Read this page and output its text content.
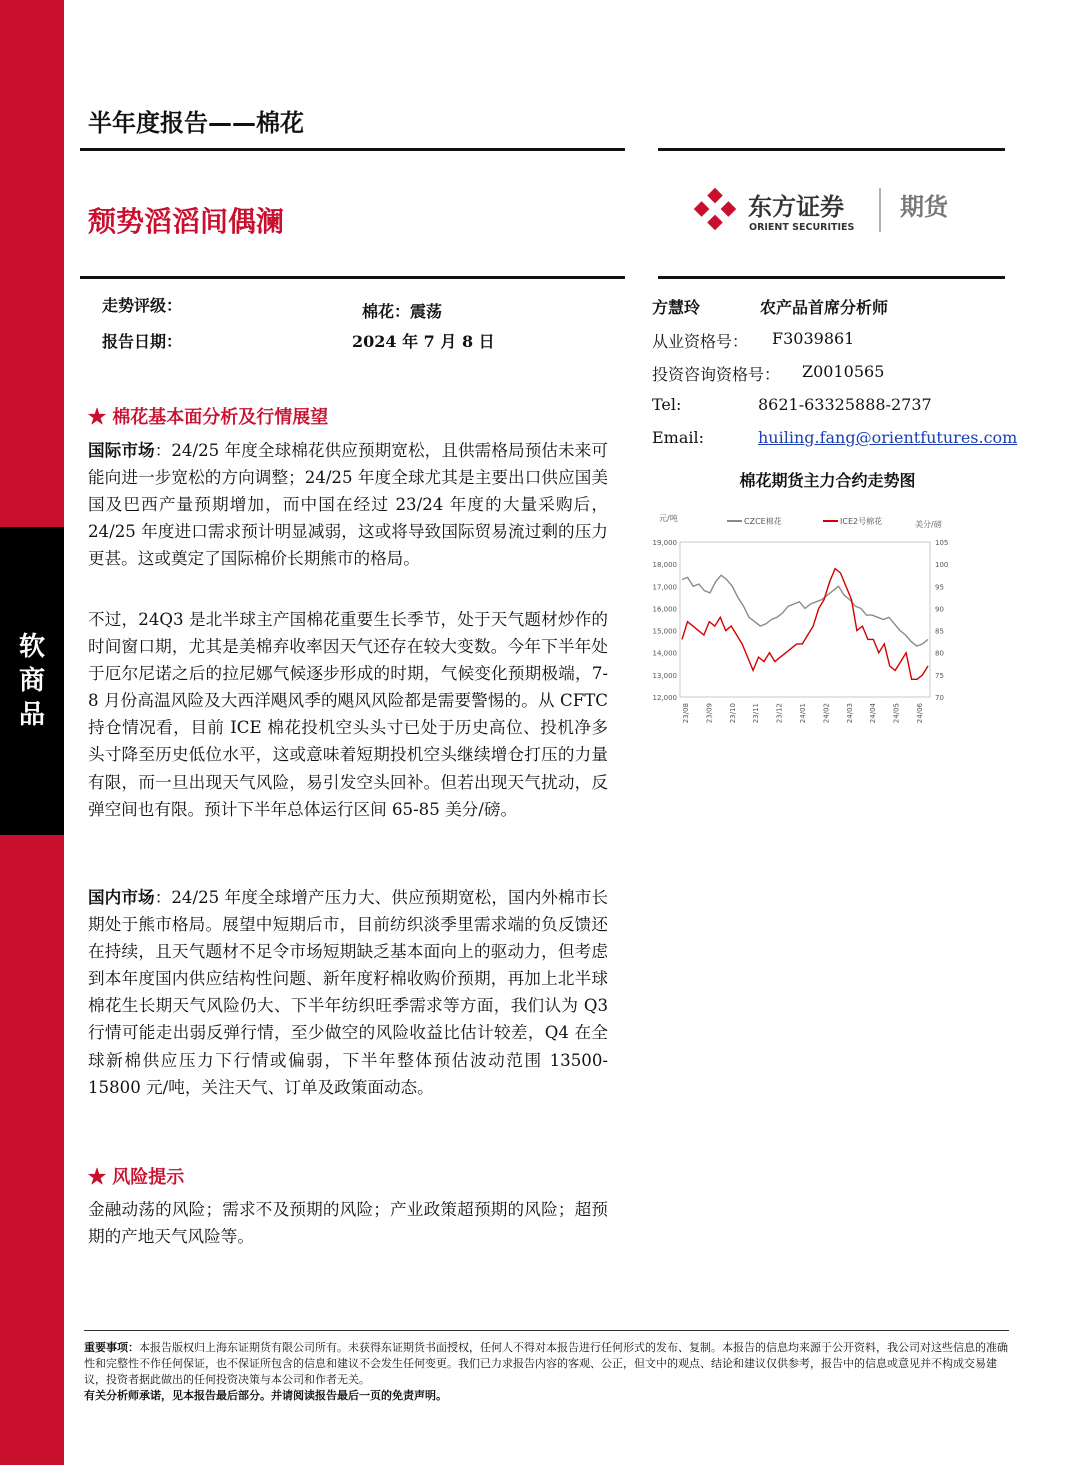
软
商
品
半年度报告——棉花
颓势滔滔间偶澜	东方证券
ORIENT SECURITIES
期货
走势评级：	棉花：震荡
报告日期：	2024 年 7 月 8 日
方慧玲	农产品首席分析师
从业资格号： F3039861
投资咨询资格号： Z0010565
Tel:	8621-63325888-2737
Email:	huiling.fang@orientfutures.com
★ 棉花基本面分析及行情展望
国际市场：24/25 年度全球棉花供应预期宽松，且供需格局预估未来可能向进一步宽松的方向调整；24/25 年度全球尤其是主要出口供应国美国及巴西产量预期增加，而中国在经过 23/24 年度的大量采购后，24/25 年度进口需求预计明显减弱，这或将导致国际贸易流过剩的压力更甚。这或奠定了国际棉价长期熊市的格局。
不过，24Q3 是北半球主产国棉花重要生长季节，处于天气题材炒作的时间窗口期，尤其是美棉弃收率因天气还存在较大变数。今年下半年处于厄尔尼诺之后的拉尼娜气候逐步形成的时期，气候变化预期极端，7-8 月份高温风险及大西洋飓风季的飓风风险都是需要警惕的。从 CFTC 持仓情况看，目前 ICE 棉花投机空头头寸已处于历史高位、投机净多头寸降至历史低位水平，这或意味着短期投机空头继续增仓打压的力量有限，而一旦出现天气风险，易引发空头回补。但若出现天气扰动，反弹空间也有限。预计下半年总体运行区间 65-85 美分/磅。
国内市场：24/25 年度全球增产压力大、供应预期宽松，国内外棉市长期处于熊市格局。展望中短期后市，目前纺织淡季里需求端的负反馈还在持续，且天气题材不足令市场短期缺乏基本面向上的驱动力，但考虑到本年度国内供应结构性问题、新年度籽棉收购价预期，再加上北半球棉花生长期天气风险仍大、下半年纺织旺季需求等方面，我们认为 Q3 行情可能走出弱反弹行情，至少做空的风险收益比估计较差，Q4 在全球新棉供应压力下行情或偏弱，下半年整体预估波动范围 13500-15800 元/吨，关注天气、订单及政策面动态。
★ 风险提示
金融动荡的风险；需求不及预期的风险；产业政策超预期的风险；超预期的产地天气风险等。
棉花期货主力合约走势图
元/吨
美分/磅
CZCE棉花	ICE2号棉花
19,000
18,000
17,000
16,000
15,000
14,000
13,000
12,000
105
100
95
90
85
80
75
70
23/08 23/09 23/10 23/11 23/12 24/01 24/02 24/03 24/04 24/05 24/06
重要事项：本报告版权归上海东证期货有限公司所有。未获得东证期货书面授权，任何人不得对本报告进行任何形式的发布、复制。本报告的信息均来源于公开资料，我公司对这些信息的准确性和完整性不作任何保证，也不保证所包含的信息和建议不会发生任何变更。我们已力求报告内容的客观、公正，但文中的观点、结论和建议仅供参考，报告中的信息或意见并不构成交易建议，投资者据此做出的任何投资决策与本公司和作者无关。
有关分析师承诺，见本报告最后部分。并请阅读报告最后一页的免责声明。
